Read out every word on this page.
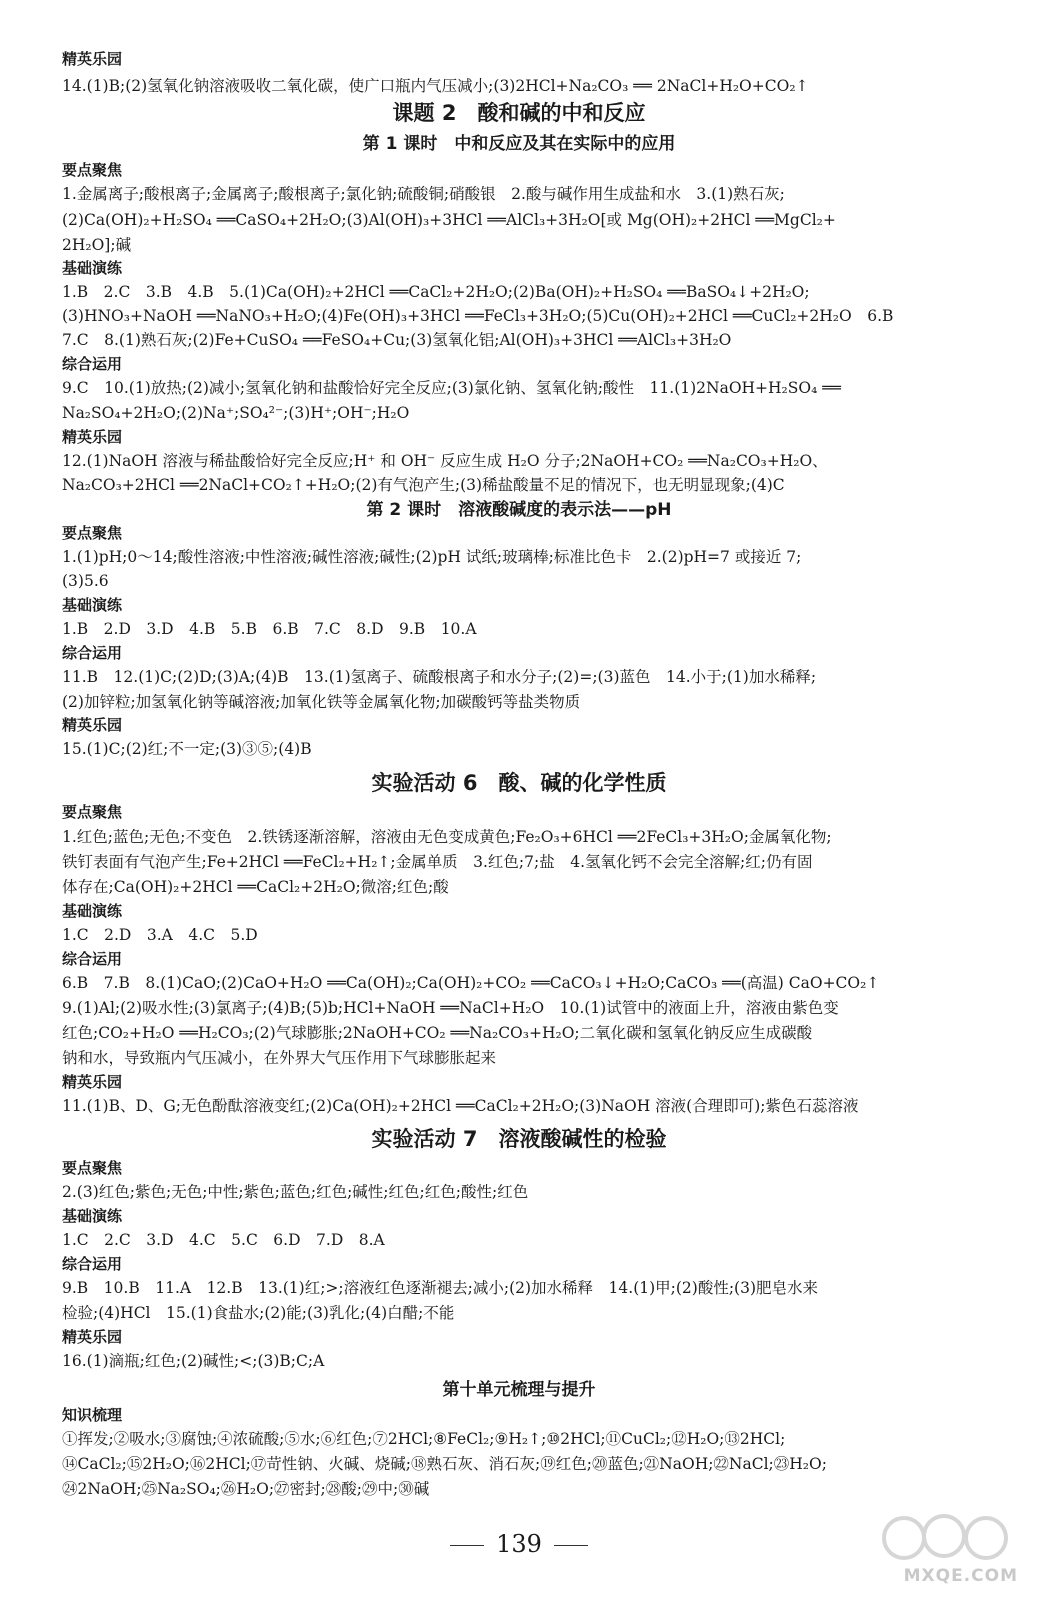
精英乐园
14.(1)B;(2)氢氧化钠溶液吸收二氧化碳，使广口瓶内气压减小;(3)2HCl+Na₂CO₃ ══ 2NaCl+H₂O+CO₂↑
课题 2　酸和碱的中和反应
第 1 课时　中和反应及其在实际中的应用
要点聚焦
1.金属离子;酸根离子;金属离子;酸根离子;氯化钠;硫酸铜;硝酸银　2.酸与碱作用生成盐和水　3.(1)熟石灰;
(2)Ca(OH)₂+H₂SO₄ ══CaSO₄+2H₂O;(3)Al(OH)₃+3HCl ══AlCl₃+3H₂O[或 Mg(OH)₂+2HCl ══MgCl₂+
2H₂O];碱
基础演练
1.B　2.C　3.B　4.B　5.(1)Ca(OH)₂+2HCl ══CaCl₂+2H₂O;(2)Ba(OH)₂+H₂SO₄ ══BaSO₄↓+2H₂O;
(3)HNO₃+NaOH ══NaNO₃+H₂O;(4)Fe(OH)₃+3HCl ══FeCl₃+3H₂O;(5)Cu(OH)₂+2HCl ══CuCl₂+2H₂O　6.B
7.C　8.(1)熟石灰;(2)Fe+CuSO₄ ══FeSO₄+Cu;(3)氢氧化铝;Al(OH)₃+3HCl ══AlCl₃+3H₂O
综合运用
9.C　10.(1)放热;(2)减小;氢氧化钠和盐酸恰好完全反应;(3)氯化钠、氢氧化钠;酸性　11.(1)2NaOH+H₂SO₄ ══
Na₂SO₄+2H₂O;(2)Na⁺;SO₄²⁻;(3)H⁺;OH⁻;H₂O
精英乐园
12.(1)NaOH 溶液与稀盐酸恰好完全反应;H⁺ 和 OH⁻ 反应生成 H₂O 分子;2NaOH+CO₂ ══Na₂CO₃+H₂O、
Na₂CO₃+2HCl ══2NaCl+CO₂↑+H₂O;(2)有气泡产生;(3)稀盐酸量不足的情况下，也无明显现象;(4)C
第 2 课时　溶液酸碱度的表示法——pH
要点聚焦
1.(1)pH;0～14;酸性溶液;中性溶液;碱性溶液;碱性;(2)pH 试纸;玻璃棒;标准比色卡　2.(2)pH=7 或接近 7;
(3)5.6
基础演练
1.B　2.D　3.D　4.B　5.B　6.B　7.C　8.D　9.B　10.A
综合运用
11.B　12.(1)C;(2)D;(3)A;(4)B　13.(1)氢离子、硫酸根离子和水分子;(2)=;(3)蓝色　14.小于;(1)加水稀释;
(2)加锌粒;加氢氧化钠等碱溶液;加氧化铁等金属氧化物;加碳酸钙等盐类物质
精英乐园
15.(1)C;(2)红;不一定;(3)③⑤;(4)B
实验活动 6　酸、碱的化学性质
要点聚焦
1.红色;蓝色;无色;不变色　2.铁锈逐渐溶解，溶液由无色变成黄色;Fe₂O₃+6HCl ══2FeCl₃+3H₂O;金属氧化物;
铁钉表面有气泡产生;Fe+2HCl ══FeCl₂+H₂↑;金属单质　3.红色;7;盐　4.氢氧化钙不会完全溶解;红;仍有固
体存在;Ca(OH)₂+2HCl ══CaCl₂+2H₂O;微溶;红色;酸
基础演练
1.C　2.D　3.A　4.C　5.D
综合运用
6.B　7.B　8.(1)CaO;(2)CaO+H₂O ══Ca(OH)₂;Ca(OH)₂+CO₂ ══CaCO₃↓+H₂O;CaCO₃ ══(高温) CaO+CO₂↑
9.(1)Al;(2)吸水性;(3)氯离子;(4)B;(5)b;HCl+NaOH ══NaCl+H₂O　10.(1)试管中的液面上升，溶液由紫色变
红色;CO₂+H₂O ══H₂CO₃;(2)气球膨胀;2NaOH+CO₂ ══Na₂CO₃+H₂O;二氧化碳和氢氧化钠反应生成碳酸
钠和水，导致瓶内气压减小，在外界大气压作用下气球膨胀起来
精英乐园
11.(1)B、D、G;无色酚酞溶液变红;(2)Ca(OH)₂+2HCl ══CaCl₂+2H₂O;(3)NaOH 溶液(合理即可);紫色石蕊溶液
实验活动 7　溶液酸碱性的检验
要点聚焦
2.(3)红色;紫色;无色;中性;紫色;蓝色;红色;碱性;红色;红色;酸性;红色
基础演练
1.C　2.C　3.D　4.C　5.C　6.D　7.D　8.A
综合运用
9.B　10.B　11.A　12.B　13.(1)红;>;溶液红色逐渐褪去;减小;(2)加水稀释　14.(1)甲;(2)酸性;(3)肥皂水来
检验;(4)HCl　15.(1)食盐水;(2)能;(3)乳化;(4)白醋;不能
精英乐园
16.(1)滴瓶;红色;(2)碱性;<;(3)B;C;A
第十单元梳理与提升
知识梳理
①挥发;②吸水;③腐蚀;④浓硫酸;⑤水;⑥红色;⑦2HCl;⑧FeCl₂;⑨H₂↑;⑩2HCl;⑪CuCl₂;⑫H₂O;⑬2HCl;
⑭CaCl₂;⑮2H₂O;⑯2HCl;⑰苛性钠、火碱、烧碱;⑱熟石灰、消石灰;⑲红色;⑳蓝色;㉑NaOH;㉒NaCl;㉓H₂O;
㉔2NaOH;㉕Na₂SO₄;㉖H₂O;㉗密封;㉘酸;㉙中;㉚碱
139
MXQE.COM
